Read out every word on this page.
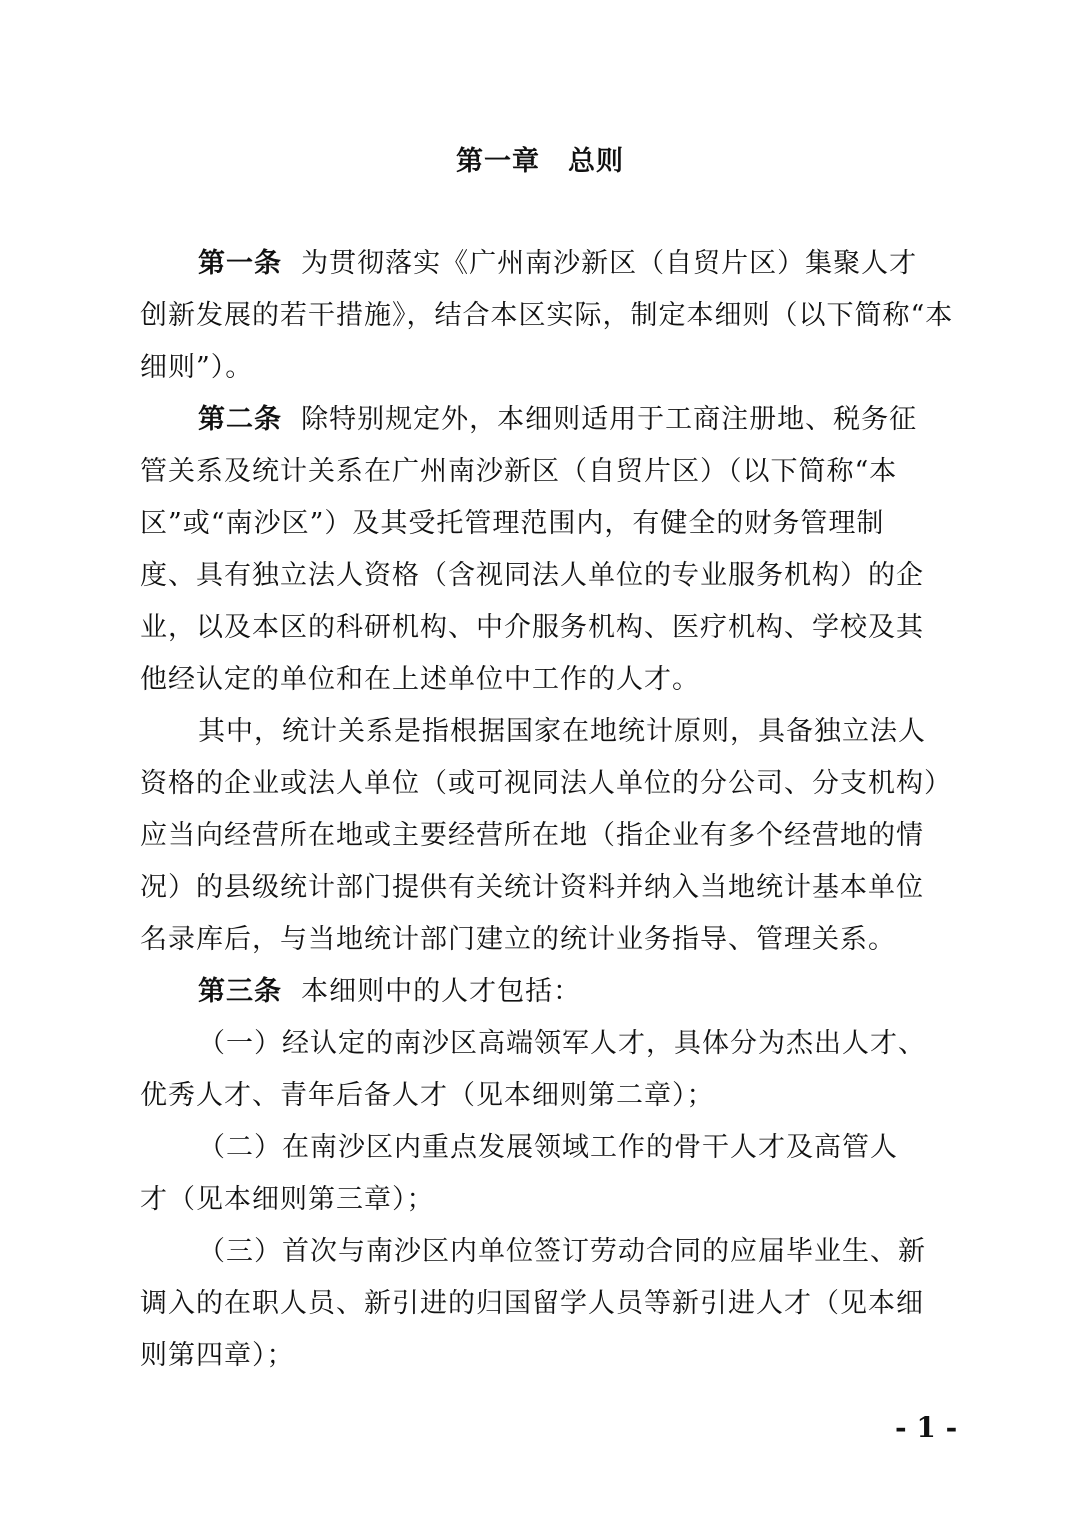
第一章　总则
第一条 为贯彻落实《广州南沙新区（自贸片区）集聚人才
创新发展的若干措施》，结合本区实际，制定本细则（以下简称“本
细则”）。
第二条 除特别规定外，本细则适用于工商注册地、税务征
管关系及统计关系在广州南沙新区（自贸片区）（以下简称“本
区”或“南沙区”）及其受托管理范围内，有健全的财务管理制
度、具有独立法人资格（含视同法人单位的专业服务机构）的企
业，以及本区的科研机构、中介服务机构、医疗机构、学校及其
他经认定的单位和在上述单位中工作的人才。
其中，统计关系是指根据国家在地统计原则，具备独立法人
资格的企业或法人单位（或可视同法人单位的分公司、分支机构）
应当向经营所在地或主要经营所在地（指企业有多个经营地的情
况）的县级统计部门提供有关统计资料并纳入当地统计基本单位
名录库后，与当地统计部门建立的统计业务指导、管理关系。
第三条 本细则中的人才包括：
（一）经认定的南沙区高端领军人才，具体分为杰出人才、
优秀人才、青年后备人才（见本细则第二章）；
（二）在南沙区内重点发展领域工作的骨干人才及高管人
才（见本细则第三章）；
（三）首次与南沙区内单位签订劳动合同的应届毕业生、新
调入的在职人员、新引进的归国留学人员等新引进人才（见本细
则第四章）；
- 1 -
